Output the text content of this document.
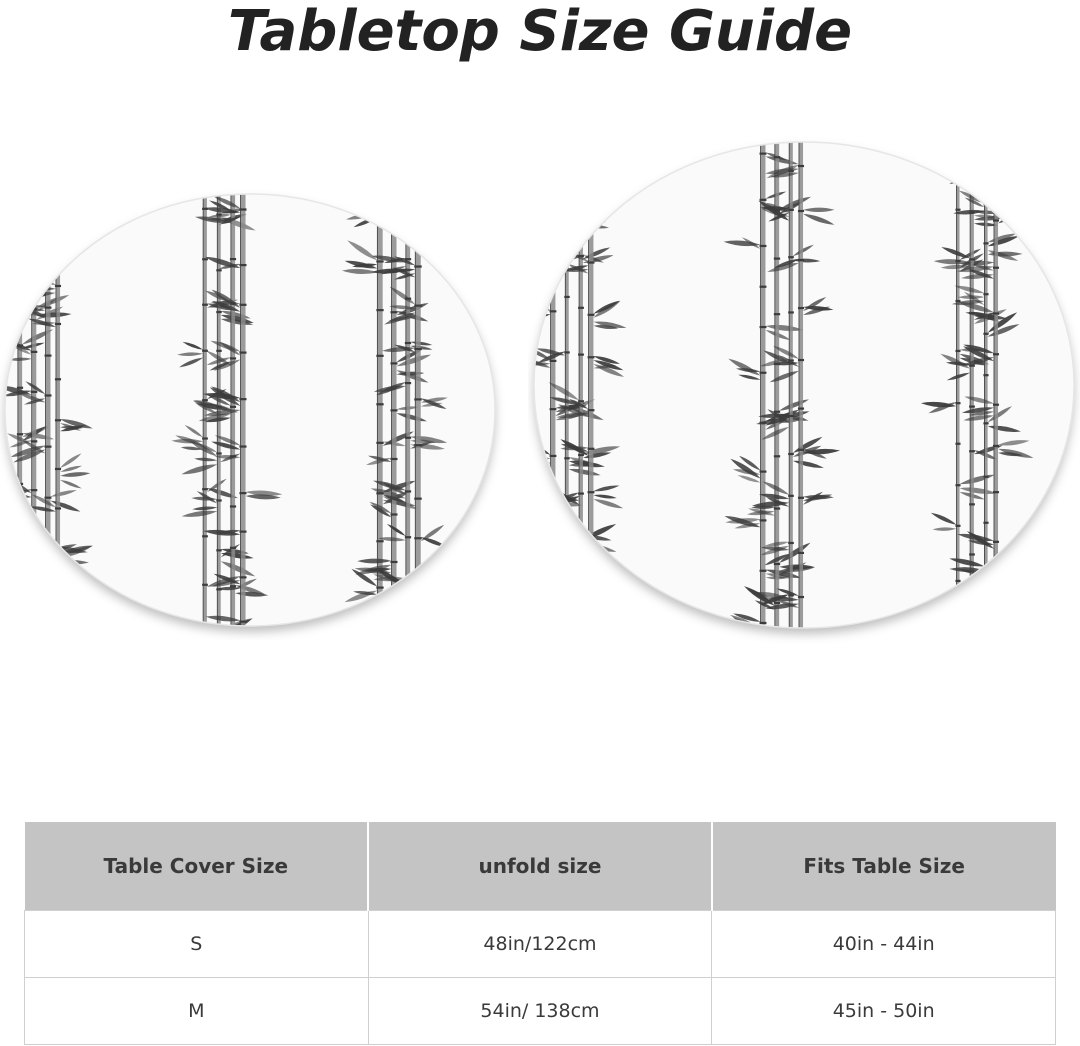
Tabletop Size Guide
Table Cover Size	unfold size	Fits Table Size
S	48in/122cm	40in - 44in
M	54in/ 138cm	45in - 50in
